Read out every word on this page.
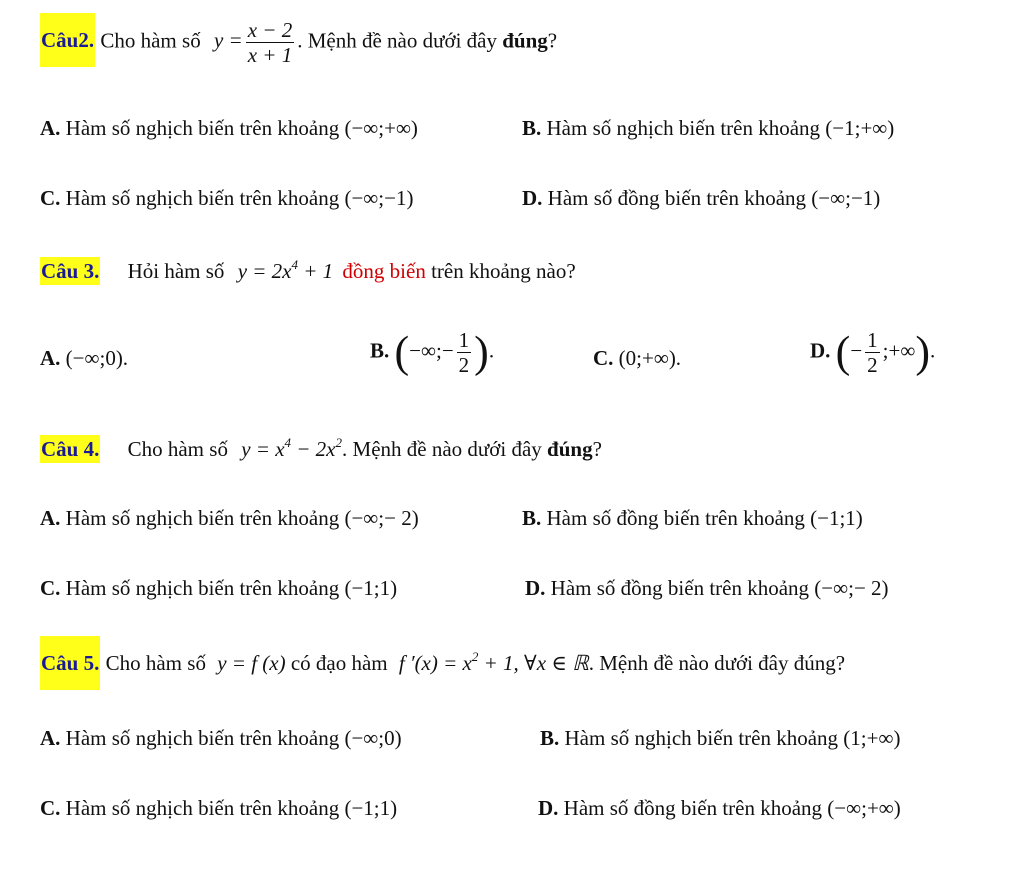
Câu2. Cho hàm số $y = \frac{x - 2}{x + 1}$ . Mệnh đề nào dưới đây đúng?
A. Hàm số nghịch biến trên khoảng (−∞;+∞)	B. Hàm số nghịch biến trên khoảng (−1;+∞)
C. Hàm số nghịch biến trên khoảng (−∞;−1)	D. Hàm số đồng biến trên khoảng (−∞;−1)
Câu 3. Hỏi hàm số $y = 2x^4 + 1$ đồng biến trên khoảng nào?
A. (−∞;0).	B. (−∞;− $\frac{1}{2}$ ).	C. (0;+∞).	D. (− $\frac{1}{2}$ ;+∞).
Câu 4. Cho hàm số $y = x^4 - 2x^2$. Mệnh đề nào dưới đây đúng?
A. Hàm số nghịch biến trên khoảng (−∞;− 2)	B. Hàm số đồng biến trên khoảng (−1;1)
C. Hàm số nghịch biến trên khoảng (−1;1)	D. Hàm số đồng biến trên khoảng (−∞;− 2)
Câu 5. Cho hàm số y = f (x) có đạo hàm f $'(x) = x^2 + 1$, ∀x ∈ ℝ. Mệnh đề nào dưới đây đúng?
A. Hàm số nghịch biến trên khoảng (−∞;0)	B. Hàm số nghịch biến trên khoảng (1;+∞)
C. Hàm số nghịch biến trên khoảng (−1;1)	D. Hàm số đồng biến trên khoảng (−∞;+∞)
